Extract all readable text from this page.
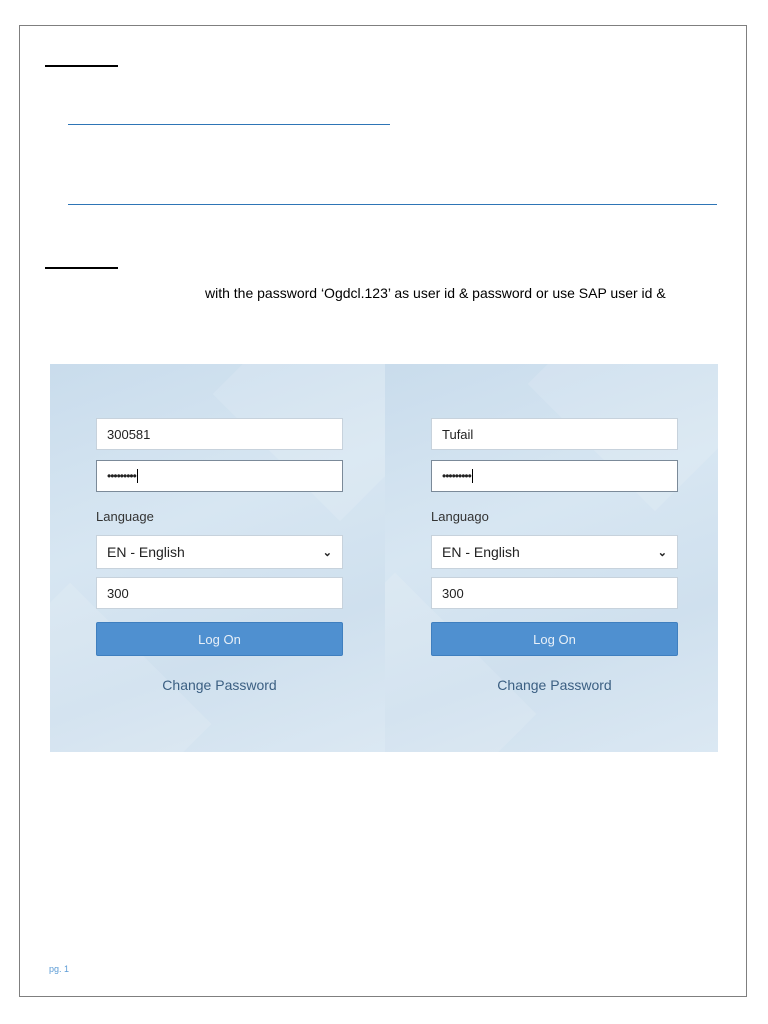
with the password ‘Ogdcl.123’ as user id & password or use SAP user id &
300581
•••••••••
Language
EN - English	⌄
300
Log On
Change Password
Tufail
•••••••••
Languago
EN - English	⌄
300
Log On
Change Password
pg. 1
